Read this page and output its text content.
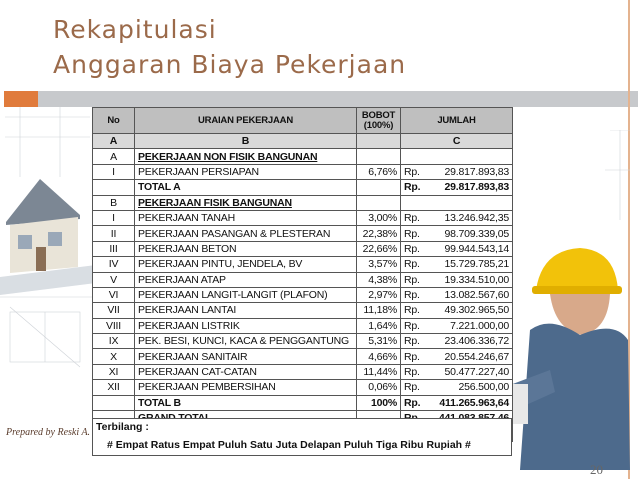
Rekapitulasi
Anggaran Biaya Pekerjaan
No	URAIAN PEKERJAAN	BOBOT (100%)	JUMLAH	
A	B		C	
A	PEKERJAAN NON FISIK BANGUNAN			
I	PEKERJAAN PERSIAPAN	6,76%	Rp.	29.817.893,83
	TOTAL A		Rp.	29.817.893,83
B	PEKERJAAN FISIK BANGUNAN			
I	PEKERJAAN TANAH	3,00%	Rp.	13.246.942,35
II	PEKERJAAN PASANGAN & PLESTERAN	22,38%	Rp.	98.709.339,05
III	PEKERJAAN BETON	22,66%	Rp.	99.944.543,14
IV	PEKERJAAN PINTU, JENDELA, BV	3,57%	Rp.	15.729.785,21
V	PEKERJAAN ATAP	4,38%	Rp.	19.334.510,00
VI	PEKERJAAN LANGIT-LANGIT (PLAFON)	2,97%	Rp.	13.082.567,60
VII	PEKERJAAN LANTAI	11,18%	Rp.	49.302.965,50
VIII	PEKERJAAN LISTRIK	1,64%	Rp.	7.221.000,00
IX	PEK. BESI, KUNCI, KACA & PENGGANTUNG	5,31%	Rp.	23.406.336,72
X	PEKERJAAN SANITAIR	4,66%	Rp.	20.554.246,67
XI	PEKERJAAN CAT-CATAN	11,44%	Rp.	50.477.227,40
XII	PEKERJAAN PEMBERSIHAN	0,06%	Rp.	256.500,00
	TOTAL B	100%	Rp.	411.265.963,64

Terbilang :
# Empat Ratus Empat Puluh Satu Juta Delapan Puluh Tiga Ribu Rupiah #
Prepared by Reski A.
20
